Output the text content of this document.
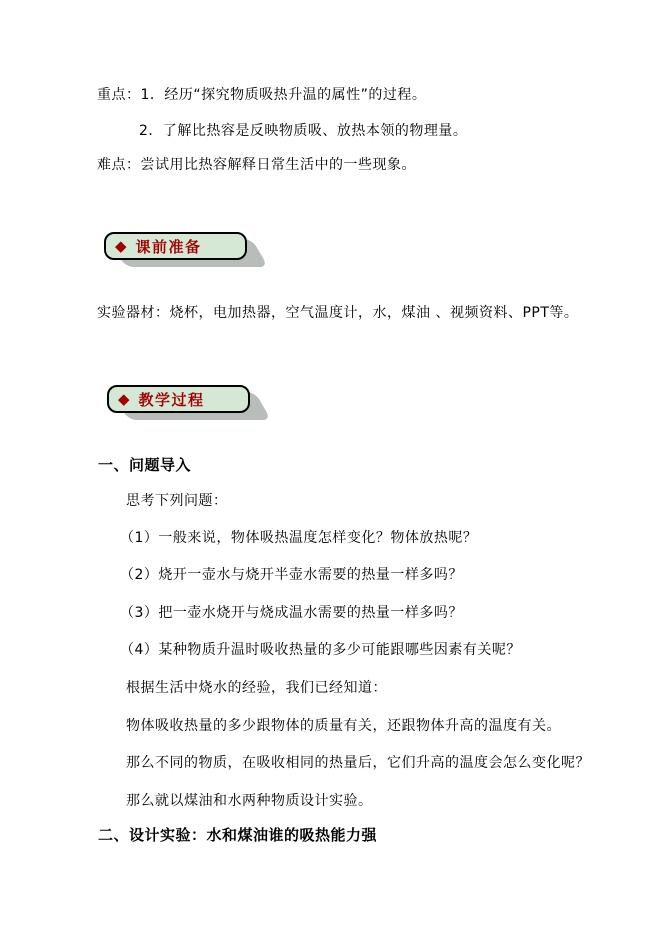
重点：1．经历“探究物质吸热升温的属性”的过程。
2．了解比热容是反映物质吸、放热本领的物理量。
难点：尝试用比热容解释日常生活中的一些现象。
◆ 课前准备
实验器材：烧杯，电加热器，空气温度计，水，煤油 、视频资料、PPT等。
◆ 教学过程
一、问题导入
思考下列问题：
（1）一般来说，物体吸热温度怎样变化？物体放热呢？
（2）烧开一壶水与烧开半壶水需要的热量一样多吗？
（3）把一壶水烧开与烧成温水需要的热量一样多吗？
（4）某种物质升温时吸收热量的多少可能跟哪些因素有关呢？
根据生活中烧水的经验，我们已经知道：
物体吸收热量的多少跟物体的质量有关，还跟物体升高的温度有关。
那么不同的物质，在吸收相同的热量后，它们升高的温度会怎么变化呢？
那么就以煤油和水两种物质设计实验。
二、设计实验：水和煤油谁的吸热能力强
